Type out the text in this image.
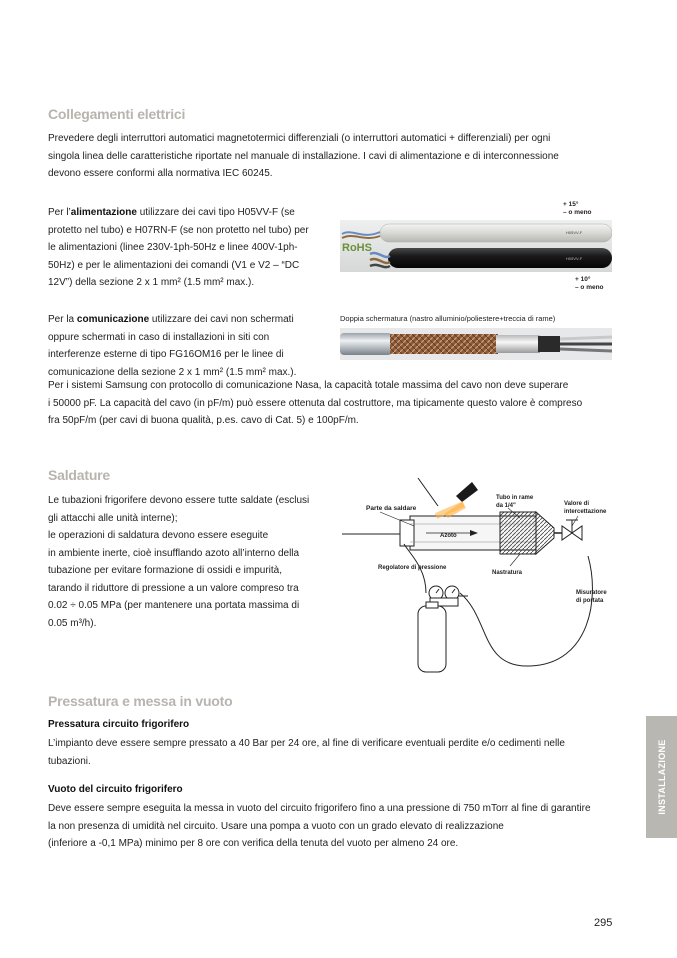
Collegamenti elettrici
Prevedere degli interruttori automatici magnetotermici differenziali (o interruttori automatici + differenziali) per ogni
singola linea delle caratteristiche riportate nel manuale di installazione. I cavi di alimentazione e di interconnessione
devono essere conformi alla normativa IEC 60245.
Per l’alimentazione utilizzare dei cavi tipo H05VV-F (se
protetto nel tubo) e H07RN-F (se non protetto nel tubo) per
le alimentazioni (linee 230V-1ph-50Hz e linee 400V-1ph-
50Hz) e per le alimentazioni dei comandi (V1 e V2 – “DC
12V”) della sezione 2 x 1 mm² (1.5 mm² max.).
+ 15°
– o meno
RoHS
H05VV-F
H05VV-F
+ 10°
– o meno
Per la comunicazione utilizzare dei cavi non schermati
oppure schermati in caso di installazioni in siti con
interferenze esterne di tipo FG16OM16 per le linee di
comunicazione della sezione 2 x 1 mm² (1.5 mm² max.).
Per i sistemi Samsung con protocollo di comunicazione Nasa, la capacità totale massima del cavo non deve superare
i 50000 pF. La capacità del cavo (in pF/m) può essere ottenuta dal costruttore, ma tipicamente questo valore è compreso
fra 50pF/m (per cavi di buona qualità, p.es. cavo di Cat. 5) e 100pF/m.
Doppia schermatura (nastro alluminio/poliestere+treccia di rame)
Saldature
Le tubazioni frigorifere devono essere tutte saldate (esclusi
gli attacchi alle unità interne);
le operazioni di saldatura devono essere eseguite
in ambiente inerte, cioè insufflando azoto all’interno della
tubazione per evitare formazione di ossidi e impurità,
tarando il riduttore di pressione a un valore compreso tra
0.02 ÷ 0.05 MPa (per mantenere una portata massima di
0.05 m³/h).
Parte da saldare
Tubo in rame
da 1/4"	Valore di
intercettazione
Azoto
Regolatore di pressione
Nastratura
Misuratore
di portata
Pressatura e messa in vuoto
Pressatura circuito frigorifero
L’impianto deve essere sempre pressato a 40 Bar per 24 ore, al fine di verificare eventuali perdite e/o cedimenti nelle
tubazioni.
Vuoto del circuito frigorifero
Deve essere sempre eseguita la messa in vuoto del circuito frigorifero fino a una pressione di 750 mTorr al fine di garantire
la non presenza di umidità nel circuito. Usare una pompa a vuoto con un grado elevato di realizzazione
(inferiore a -0,1 MPa) minimo per 8 ore con verifica della tenuta del vuoto per almeno 24 ore.
INSTALLAZIONE
295
